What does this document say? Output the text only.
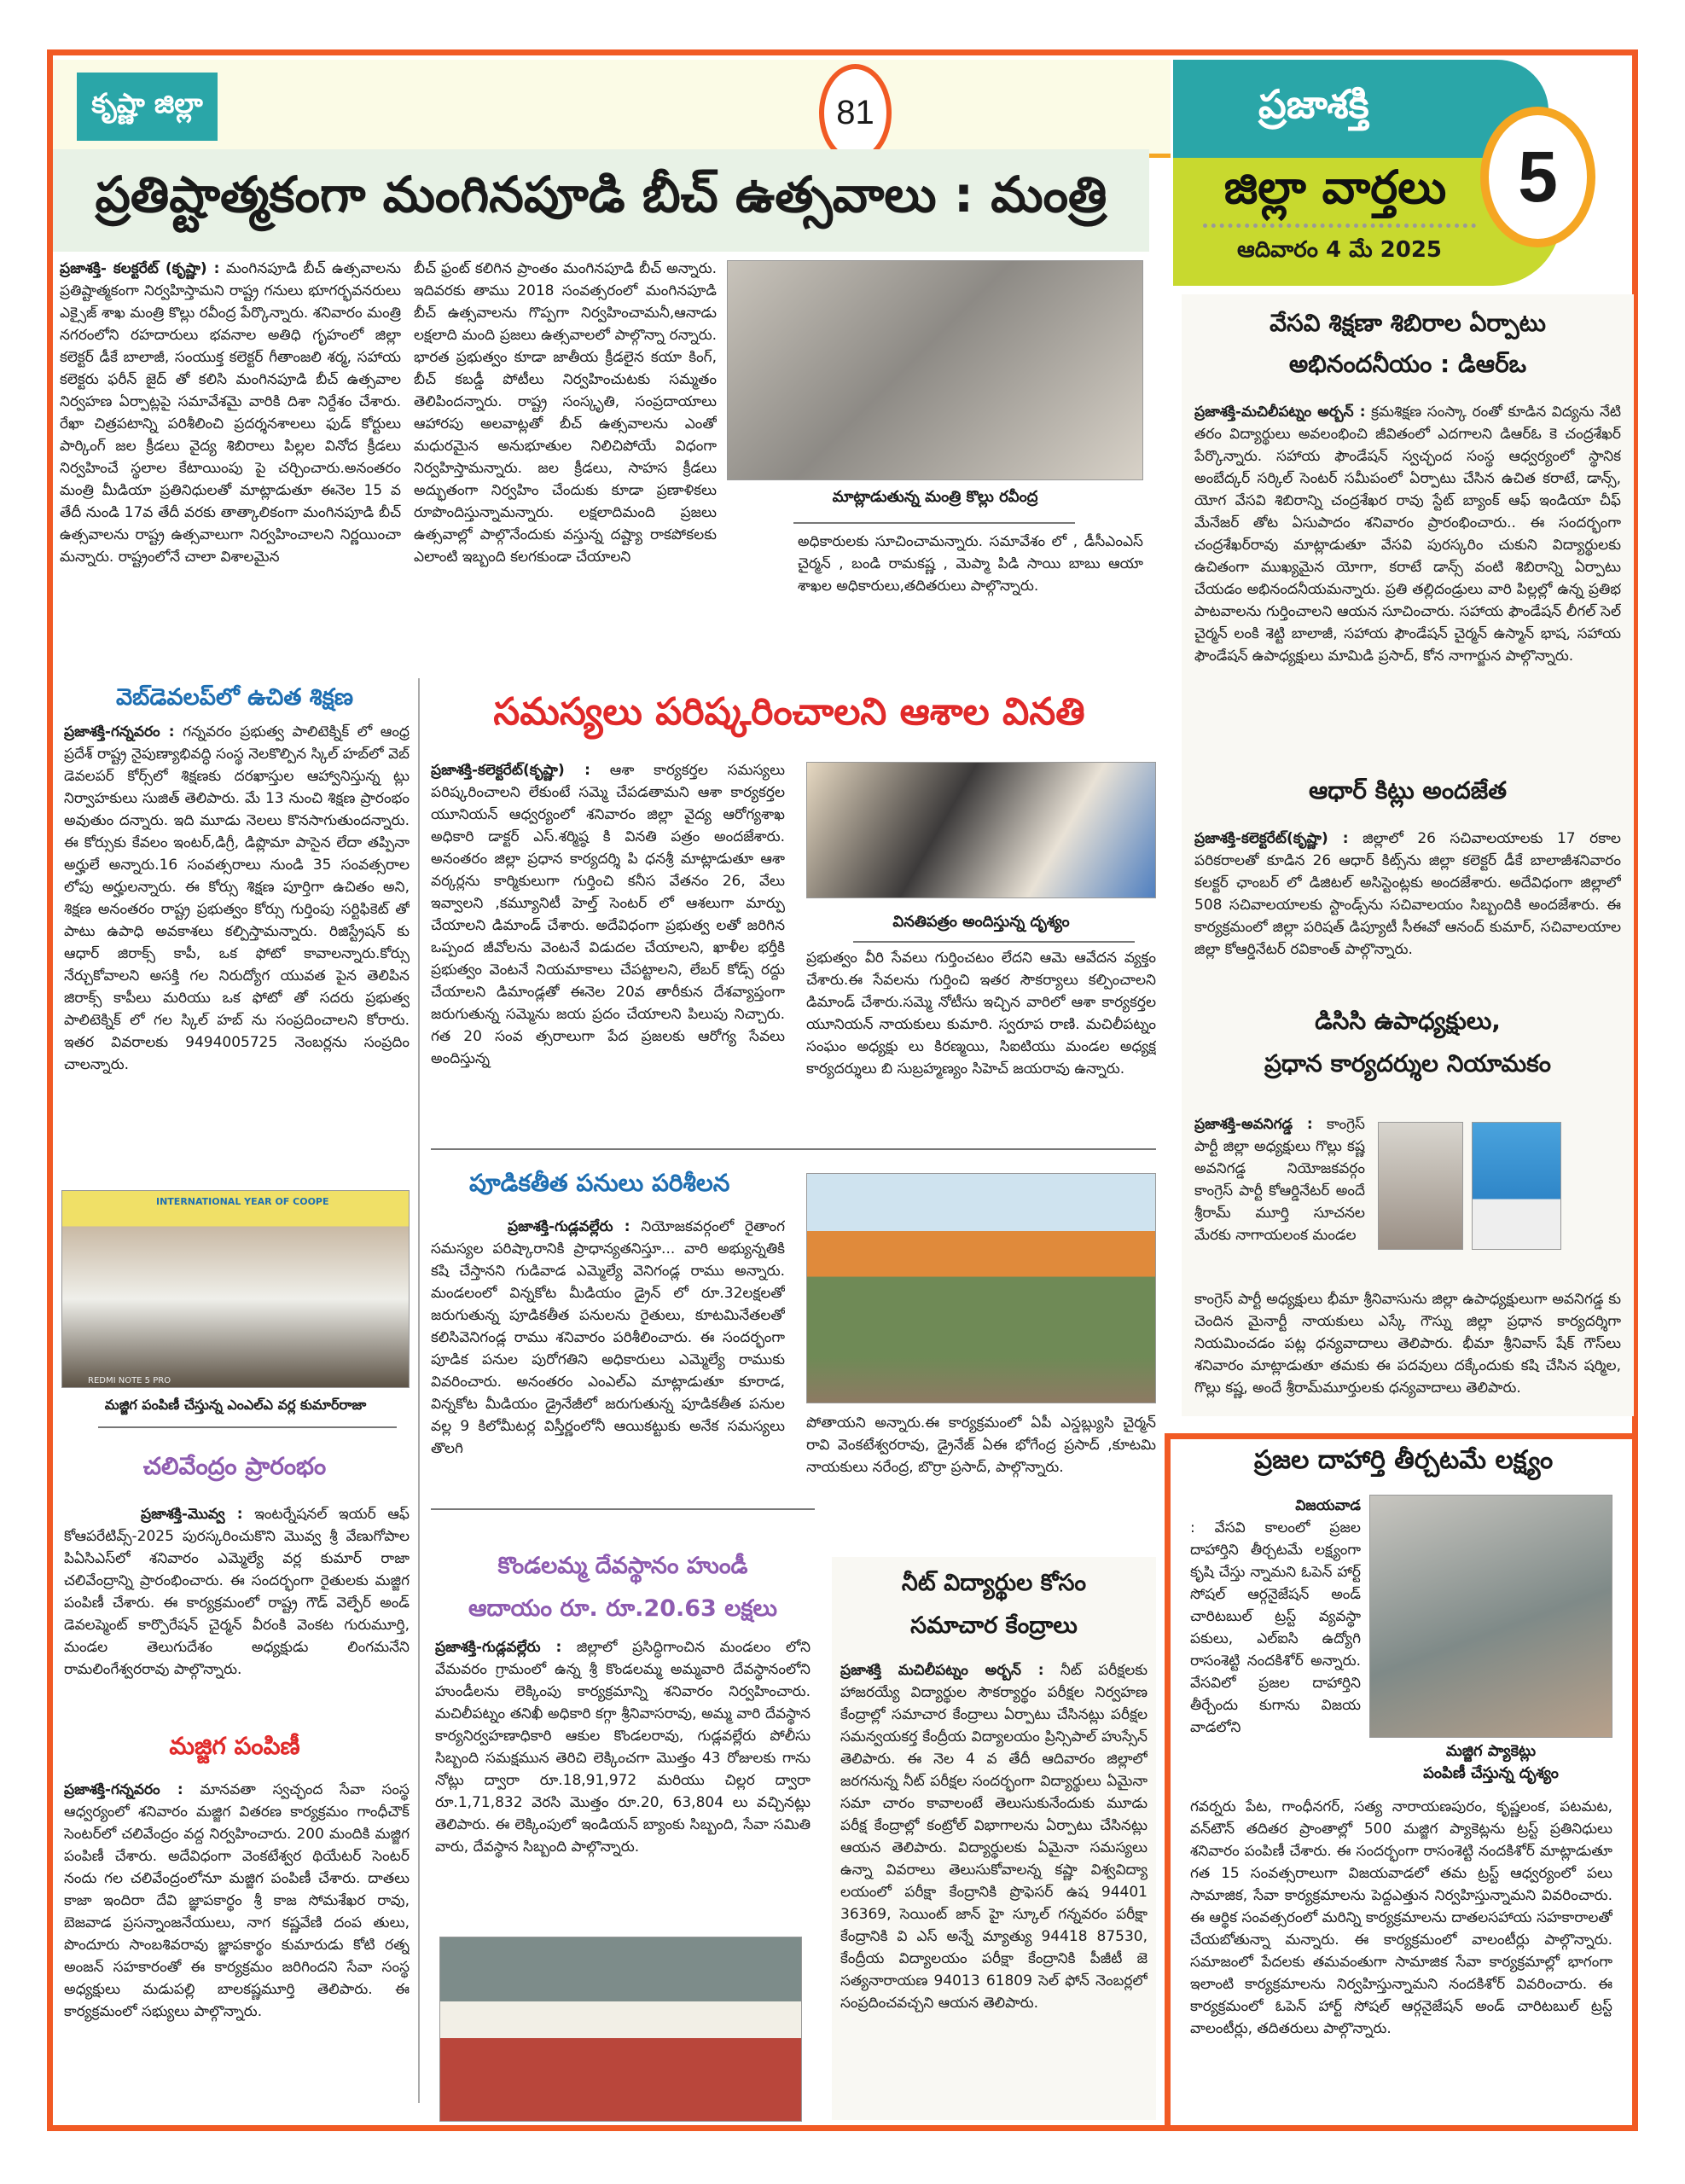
కృష్ణా జిల్లా	81	ప్రజాశక్తి
జిల్లా వార్తలు
ఆదివారం 4 మే 2025
5
ప్రతిష్టాత్మకంగా మంగినపూడి బీచ్ ఉత్సవాలు : మంత్రి
ప్రజాశక్తి- కలక్టరేట్ (కృష్ణా) : మంగినపూడి బీచ్ ఉత్సవాలను ప్రతిష్టాత్మకంగా నిర్వహిస్తామని రాష్ట్ర గనులు భూగర్భవనరులు ఎక్సైజ్ శాఖ మంత్రి కొల్లు రవీంద్ర పేర్కొన్నారు. శనివారం మంత్రి నగరంలోని రహదారులు భవనాల అతిధి గృహంలో జిల్లా కలెక్టర్ డీకే బాలాజీ, సంయుక్త కలెక్టర్ గీతాంజలి శర్మ, సహాయ కలెక్టరు ఫరీన్ జైద్ తో కలిసి మంగినపూడి బీచ్ ఉత్సవాల నిర్వహణ ఏర్పాట్లపై సమావేశమై వారికి దిశా నిర్దేశం చేశారు. రేఖా చిత్రపటాన్ని పరిశీలించి ప్రదర్శనశాలలు ఫుడ్ కోర్టులు పార్కింగ్ జల క్రీడలు వైద్య శిబిరాలు పిల్లల వినోద క్రీడలు నిర్వహించే స్థలాల కేటాయింపు పై చర్చించారు.అనంతరం మంత్రి మీడియా ప్రతినిధులతో మాట్లాడుతూ ఈనెల 15 వ తేదీ నుండి 17వ తేదీ వరకు తాత్కాలికంగా మంగినపూడి బీచ్ ఉత్సవాలను రాష్ట్ర ఉత్సవాలుగా నిర్వహించాలని నిర్ణయించా మన్నారు. రాష్ట్రంలోనే చాలా విశాలమైన
బీచ్ ఫ్రంట్ కలిగిన ప్రాంతం మంగినపూడి బీచ్ అన్నారు. ఇదివరకు తాము 2018 సంవత్సరంలో మంగినపూడి బీచ్ ఉత్సవాలను గొప్పగా నిర్వహించామనీ,ఆనాడు లక్షలాది మంది ప్రజలు ఉత్సవాలలో పాల్గొన్నా రన్నారు. భారత ప్రభుత్వం కూడా జాతీయ క్రీడలైన కయా కింగ్, బీచ్ కబడ్డీ పోటీలు నిర్వహించుటకు సమ్మతం తెలిపిందన్నారు. రాష్ట్ర సంస్కృతి, సంప్రదాయాలు ఆహారపు అలవాట్లతో బీచ్ ఉత్సవాలను ఎంతో మధురమైన అనుభూతుల నిలిచిపోయే విధంగా నిర్వహిస్తామన్నారు. జల క్రీడలు, సాహస క్రీడలు అద్భుతంగా నిర్వహిం చేందుకు కూడా ప్రణాళికలు రూపొందిస్తున్నామన్నారు. లక్షలాదిమంది ప్రజలు ఉత్సవాల్లో పాల్గొనేందుకు వస్తున్న దష్ట్యా రాకపోకలకు ఎలాంటి ఇబ్బంది కలగకుండా చేయాలని
మాట్లాడుతున్న మంత్రి కొల్లు రవీంద్ర
అధికారులకు సూచించామన్నారు. సమావేశం లో , డీసీఎంఎస్ చైర్మన్ , బండి రామకష్ణ , మెప్మా పిడి సాయి బాబు ఆయా శాఖల అధికారులు,తదితరులు పాల్గొన్నారు.
వేసవి శిక్షణా శిబిరాల ఏర్పాటు
అభినందనీయం : డిఆర్ఒ
ప్రజాశక్తి-మచిలీపట్నం అర్బన్ : క్రమశిక్షణ సంస్కా రంతో కూడిన విద్యను నేటి తరం విద్యార్థులు అవలంభించి జీవితంలో ఎదగాలని డిఆర్ఓ కె చంద్రశేఖర్ పేర్కొన్నారు. సహాయ ఫౌండేషన్ స్వచ్ఛంద సంస్థ ఆధ్వర్యంలో స్థానిక అంబేద్కర్ సర్కిల్ సెంటర్ సమీపంలో ఏర్పాటు చేసిన ఉచిత కరాటే, డాన్స్, యోగ వేసవి శిబిరాన్ని చంద్రశేఖర రావు స్టేట్ బ్యాంక్ ఆఫ్ ఇండియా చీఫ్ మేనేజర్ తోట ఏసుపాదం శనివారం ప్రారంభించారు.. ఈ సందర్భంగా చంద్రశేఖర్‌రావు మాట్లాడుతూ వేసవి పురస్కరిం చుకుని విద్యార్థులకు ఉచితంగా ముఖ్యమైన యోగా, కరాటే డాన్స్ వంటి శిబిరాన్ని ఏర్పాటు చేయడం అభినందనీయమన్నారు. ప్రతి తల్లిదండ్రులు వారి పిల్లల్లో ఉన్న ప్రతిభ పాటవాలను గుర్తించాలని ఆయన సూచించారు. సహాయ ఫౌండేషన్ లీగల్ సెల్ చైర్మన్ లంకి శెట్టి బాలాజీ, సహాయ ఫౌండేషన్ చైర్మన్ ఉస్మాన్ భాష, సహాయ ఫౌండేషన్ ఉపాధ్యక్షులు మామిడి ప్రసాద్, కోన నాగార్జున పాల్గొన్నారు.
ఆధార్ కిట్లు అందజేత
ప్రజాశక్తి-కలెక్టరేట్(కృష్ణా) : జిల్లాలో 26 సచివాలయాలకు 17 రకాల పరికరాలతో కూడిన 26 ఆధార్ కిట్స్‌ను జిల్లా కలెక్టర్ డీకే బాలాజీశనివారం కలక్టర్ ఛాంబర్ లో డిజిటల్ అసిస్టెంట్లకు అందజేశారు. అదేవిధంగా జిల్లాలో 508 సచివాలయాలకు స్టాండ్స్‌ను సచివాలయం సిబ్బందికి అందజేశారు. ఈ కార్యక్రమంలో జిల్లా పరిషత్ డిప్యూటీ సీఈవో ఆనంద్ కుమార్, సచివాలయాల జిల్లా కోఆర్డినేటర్ రవికాంత్ పాల్గొన్నారు.
డిసిసి ఉపాధ్యక్షులు,
ప్రధాన కార్యదర్శుల నియామకం
ప్రజాశక్తి-అవనిగడ్డ : కాంగ్రెస్ పార్టీ జిల్లా అధ్యక్షులు గొల్లు కష్ణ అవనిగడ్డ నియోజకవర్గం కాంగ్రెస్ పార్టీ కోఆర్డినేటర్ అందే శ్రీరామ్ మూర్తి సూచనల మేరకు నాగాయలంక మండల
కాంగ్రెస్ పార్టీ అధ్యక్షులు భీమా శ్రీనివాసును జిల్లా ఉపాధ్యక్షులుగా అవనిగడ్డ కు చెందిన మైనార్టీ నాయకులు ఎస్కే గౌస్ను జిల్లా ప్రధాన కార్యదర్శిగా నియమించడం పట్ల ధన్యవాదాలు తెలిపారు. భీమా శ్రీనివాస్ షేక్ గౌస్‌లు శనివారం మాట్లాడుతూ తమకు ఈ పదవులు దక్కేందుకు కషి చేసిన షర్మిల, గొల్లు కష్ణ, అందే శ్రీరామ్‌మూర్తులకు ధన్యవాదాలు తెలిపారు.
ప్రజల దాహార్తి తీర్చటమే లక్ష్యం
విజయవాడ
: వేసవి కాలంలో ప్రజల దాహార్తిని తీర్చటమే లక్ష్యంగా కృషి చేస్తు న్నామని ఓపెన్ హార్ట్ సోషల్ ఆర్గనైజేషన్ అండ్ చారిటబుల్ ట్రస్ట్ వ్యవస్థా పకులు, ఎల్ఐసి ఉద్యోగి రాసంశెట్టి నందకిశోర్ అన్నారు. వేసవిలో ప్రజల దాహార్తిని తీర్చేందు కుగాను విజయ వాడలోని
మజ్జిగ ప్యాకెట్లు
పంపిణీ చేస్తున్న దృశ్యం
గవర్నరు పేట, గాంధీనగర్, సత్య నారాయణపురం, కృష్ణలంక, పటమట, వన్‌టౌన్ తదితర ప్రాంతాల్లో 500 మజ్జిగ ప్యాకెట్లను ట్రస్ట్ ప్రతినిధులు శనివారం పంపిణీ చేశారు. ఈ సందర్భంగా రాసంశెట్టి నందకిశోర్ మాట్లాడుతూ గత 15 సంవత్సరాలుగా విజయవాడలో తమ ట్రస్ట్ ఆధ్వర్యంలో పలు సామాజిక, సేవా కార్యక్రమాలను పెద్దఎత్తున నిర్వహిస్తున్నామని వివరించారు. ఈ ఆర్థిక సంవత్సరంలో మరిన్ని కార్యక్రమాలను దాతలసహాయ సహకారాలతో చేయబోతున్నా మన్నారు. ఈ కార్యక్రమంలో వాలంటీర్లు పాల్గొన్నారు. సమాజంలో పేదలకు తమవంతుగా సామాజిక సేవా కార్యక్రమాల్లో భాగంగా ఇలాంటి కార్యక్రమాలను నిర్వహిస్తున్నామని నందకిశోర్ వివరించారు. ఈ కార్యక్రమంలో ఓపెన్ హార్ట్ సోషల్ ఆర్గనైజేషన్ అండ్ చారిటబుల్ ట్రస్ట్ వాలంటీర్లు, తదితరులు పాల్గొన్నారు.
వెబ్‌డెవలప్‌లో ఉచిత శిక్షణ
ప్రజాశక్తి-గన్నవరం : గన్నవరం ప్రభుత్వ పాలిటెక్నిక్ లో ఆంధ్ర ప్రదేశ్ రాష్ట్ర నైపుణ్యాభివద్ధి సంస్థ నెలకొల్పిన స్కిల్ హబ్‌లో వెబ్ డెవలపర్ కోర్స్‌లో శిక్షణకు దరఖాస్తుల ఆహ్వానిస్తున్న ట్లు నిర్వాహకులు సుజిత్ తెలిపారు. మే 13 నుంచి శిక్షణ ప్రారంభం అవుతుం దన్నారు. ఇది మూడు నెలలు కొనసాగుతుందన్నారు. ఈ కోర్సుకు కేవలం ఇంటర్,డిగ్రీ, డిప్లొమా పాసైన లేదా తప్పినా అర్హులే అన్నారు.16 సంవత్సరాలు నుండి 35 సంవత్సరాల లోపు అర్హులన్నారు. ఈ కోర్సు శిక్షణ పూర్తిగా ఉచితం అని, శిక్షణ అనంతరం రాష్ట్ర ప్రభుత్వం కోర్సు గుర్తింపు సర్టిఫికెట్ తో పాటు ఉపాధి అవకాశలు కల్పిస్తామన్నారు. రిజిస్ట్రేషన్ కు ఆధార్ జిరాక్స్ కాపీ, ఒక ఫోటో కావాలన్నారు.కోర్సు నేర్చుకోవాలని అసక్తి గల నిరుద్యోగ యువత పైన తెలిపిన జిరాక్స్ కాపీలు మరియు ఒక ఫోటో తో సదరు ప్రభుత్వ పాలిటెక్నిక్ లో గల స్కిల్ హబ్ ను సంప్రదించాలని కోరారు. ఇతర వివరాలకు 9494005725 నెంబర్లను సంప్రదిం చాలన్నారు.
INTERNATIONAL YEAR OF COOPE
REDMI NOTE 5 PRO
మజ్జిగ పంపిణీ చేస్తున్న ఎంఎల్ఎ వర్ల కుమార్‌రాజా
చలివేంద్రం ప్రారంభం
ప్రజాశక్తి-మొవ్వ : ఇంటర్నేషనల్ ఇయర్ ఆఫ్ కోఆపరేటివ్స్-2025 పురస్కరించుకొని మొవ్వ శ్రీ వేణుగోపాల పిఏసిఎస్‌లో శనివారం ఎమ్మెల్యే వర్ల కుమార్ రాజా చలివేంద్రాన్ని ప్రారంభించారు. ఈ సందర్భంగా రైతులకు మజ్జిగ పంపిణీ చేశారు. ఈ కార్యక్రమంలో రాష్ట్ర గౌడ్ వెల్ఫేర్ అండ్ డెవలప్మెంట్ కార్పొరేషన్ చైర్మన్ వీరంకి వెంకట గురుమూర్తి, మండల తెలుగుదేశం అధ్యక్షుడు లింగమనేని రామలింగేశ్వరరావు పాల్గొన్నారు.
మజ్జిగ పంపిణీ
ప్రజాశక్తి-గన్నవరం : మానవతా స్వచ్ఛంద సేవా సంస్థ ఆధ్వర్యంలో శనివారం మజ్జిగ వితరణ కార్యక్రమం గాంధీచౌక్ సెంటర్‌లో చలివేంద్రం వద్ద నిర్వహించారు. 200 మందికి మజ్జిగ పంపిణీ చేశారు. అదేవిధంగా వెంకటేశ్వర థియేటర్ సెంటర్ నందు గల చలివేంద్రంలోనూ మజ్జిగ పంపిణీ చేశారు. దాతలు కాజా ఇందిరా దేవి జ్ఞాపకార్థం శ్రీ కాజ సోమశేఖర రావు, బెజవాడ ప్రసన్నాంజనేయులు, నాగ కష్ణవేణి దంప తులు, పొందూరు సాంబశివరావు జ్ఞాపకార్థం కుమారుడు కోటి రత్న అంజన్ సహకారంతో ఈ కార్యక్రమం జరిగిందని సేవా సంస్థ అధ్యక్షులు మడుపల్లి బాలకష్ణమూర్తి తెలిపారు. ఈ కార్యక్రమంలో సభ్యులు పాల్గొన్నారు.
సమస్యలు పరిష్కరించాలని ఆశాల వినతి
ప్రజాశక్తి-కలెక్టరేట్(కృష్ణా) : ఆశా కార్యకర్తల సమస్యలు పరిష్కరించాలని లేకుంటే సమ్మె చేపడతామని ఆశా కార్యకర్తల యూనియన్ ఆధ్వర్యంలో శనివారం జిల్లా వైద్య ఆరోగ్యశాఖ అధికారి డాక్టర్ ఎస్.శర్మిష్ఠ కి వినతి పత్రం అందజేశారు. అనంతరం జిల్లా ప్రధాన కార్యదర్శి పి ధనశ్రీ మాట్లాడుతూ ఆశా వర్కర్లను కార్మికులుగా గుర్తించి కనీస వేతనం 26, వేలు ఇవ్వాలని ,కమ్యూనిటీ హెల్త్ సెంటర్ లో ఆశలుగా మార్పు చేయాలని డిమాండ్ చేశారు. అదేవిధంగా ప్రభుత్వ లతో జరిగిన ఒప్పంద జీవోలను వెంటనే విడుదల చేయాలని, ఖాళీల భర్తీకి ప్రభుత్వం వెంటనే నియమాకాలు చేపట్టాలని, లేబర్ కోడ్స్ రద్దు చేయాలని డిమాండ్లతో ఈనెల 20వ తారీకున దేశవ్యాప్తంగా జరుగుతున్న సమ్మెను జయ ప్రదం చేయాలని పిలుపు నిచ్చారు. గత 20 సంవ త్సరాలుగా పేద ప్రజలకు ఆరోగ్య సేవలు అందిస్తున్న
వినతిపత్రం అందిస్తున్న దృశ్యం
ప్రభుత్వం వీరి సేవలు గుర్తించటం లేదని ఆమె ఆవేదన వ్యక్తం చేశారు.ఈ సేవలను గుర్తించి ఇతర సౌకర్యాలు కల్పించాలని డిమాండ్ చేశారు.సమ్మె నోటీసు ఇచ్చిన వారిలో ఆశా కార్యకర్తల యూనియన్ నాయకులు కుమారి. స్వరూప రాణి. మచిలీపట్నం సంఘం అధ్యక్షు లు కిరణ్మయి, సిఐటియు మండల అధ్యక్ష కార్యదర్శులు బి సుబ్రహ్మణ్యం సిహెచ్ జయరావు ఉన్నారు.
పూడికతీత పనులు పరిశీలన
ప్రజాశక్తి-గుడ్లవల్లేరు : నియోజకవర్గంలో రైతాంగ సమస్యల పరిష్కారానికి ప్రాధాన్యతనిస్తూ... వారి అభ్యున్నతికి కషి చేస్తానని గుడివాడ ఎమ్మెల్యే వెనిగండ్ల రాము అన్నారు. మండలంలో విన్నకోట మీడియం డ్రైన్ లో రూ.32లక్షలతో జరుగుతున్న పూడికతీత పనులను రైతులు, కూటమినేతలతో కలిసివెనిగండ్ల రాము శనివారం పరిశీలించారు. ఈ సందర్భంగా పూడిక పనుల పురోగతిని అధికారులు ఎమ్మెల్యే రాముకు వివరించారు. అనంతరం ఎంఎల్ఎ మాట్లాడుతూ కూరాడ, విన్నకోట మీడియం డ్రైనేజీలో జరుగుతున్న పూడికతీత పనుల వల్ల 9 కిలోమీటర్ల విస్తీర్ణంలోనీ ఆయికట్టుకు అనేక సమస్యలు తొలగి
పోతాయని అన్నారు.ఈ కార్యక్రమంలో ఏపీ ఎస్డబ్ల్యుసి చైర్మన్ రావి వెంకటేశ్వరరావు, డ్రైనేజ్ ఏఈ భోగేంద్ర ప్రసాద్ ,కూటమి నాయకులు నరేంద్ర, బొర్రా ప్రసాద్, పాల్గొన్నారు.
కొండలమ్మ దేవస్థానం హుండీ
ఆదాయం రూ. రూ.20.63 లక్షలు
ప్రజాశక్తి-గుడ్లవల్లేరు : జిల్లాలో ప్రసిద్ధిగాంచిన మండలం లోని వేమవరం గ్రామంలో ఉన్న శ్రీ కొండలమ్మ అమ్మవారి దేవస్థానంలోని హుండీలను లెక్కింపు కార్యక్రమాన్ని శనివారం నిర్వహించారు. మచిలీపట్నం తనిఖీ అధికారి కగ్గా శ్రీనివాసరావు, అమ్మ వారి దేవస్థాన కార్యనిర్వహణాధికారి ఆకుల కొండలరావు, గుడ్లవల్లేరు పోలీసు సిబ్బంది సమక్షమున తెరిచి లెక్కించగా మొత్తం 43 రోజులకు గాను నోట్లు ద్వారా రూ.18,91,972 మరియు చిల్లర ద్వారా రూ.1,71,832 వెరసి మొత్తం రూ.20, 63,804 లు వచ్చినట్లు తెలిపారు. ఈ లెక్కింపులో ఇండియన్ బ్యాంకు సిబ్బంది, సేవా సమితి వారు, దేవస్థాన సిబ్బంది పాల్గొన్నారు.
నీట్ విద్యార్థుల కోసం
సమాచార కేంద్రాలు
ప్రజాశక్తి మచిలీపట్నం అర్బన్ : నీట్ పరీక్షలకు హాజరయ్యే విద్యార్థుల సౌకర్యార్థం పరీక్షల నిర్వహణ కేంద్రాల్లో సమాచార కేంద్రాలు ఏర్పాటు చేసినట్లు పరీక్షల సమన్వయకర్త కేంద్రీయ విద్యాలయం ప్రిన్సిపాల్ హుస్సేన్ తెలిపారు. ఈ నెల 4 వ తేదీ ఆదివారం జిల్లాలో జరగనున్న నీట్ పరీక్షల సందర్భంగా విద్యార్థులు ఏమైనా సమా చారం కావాలంటే తెలుసుకునేందుకు మూడు పరీక్ష కేంద్రాల్లో కంట్రోల్ విభాగాలను ఏర్పాటు చేసినట్లు ఆయన తెలిపారు. విద్యార్థులకు ఏమైనా సమస్యలు ఉన్నా వివరాలు తెలుసుకోవాలన్న కష్ణా విశ్వవిద్యా లయంలో పరీక్షా కేంద్రానికి ప్రొఫెసర్ ఉష 94401 36369, సెయింట్ జాన్ హై స్కూల్ గన్నవరం పరీక్షా కేంద్రానికి వి ఎస్ అన్నే మ్యాత్యు 94418 87530, కేంద్రీయ విద్యాలయం పరీక్షా కేంద్రానికి పీజీటీ జె సత్యనారాయణ 94013 61809 సెల్ ఫోన్ నెంబర్లలో సంప్రదించవచ్చని ఆయన తెలిపారు.
